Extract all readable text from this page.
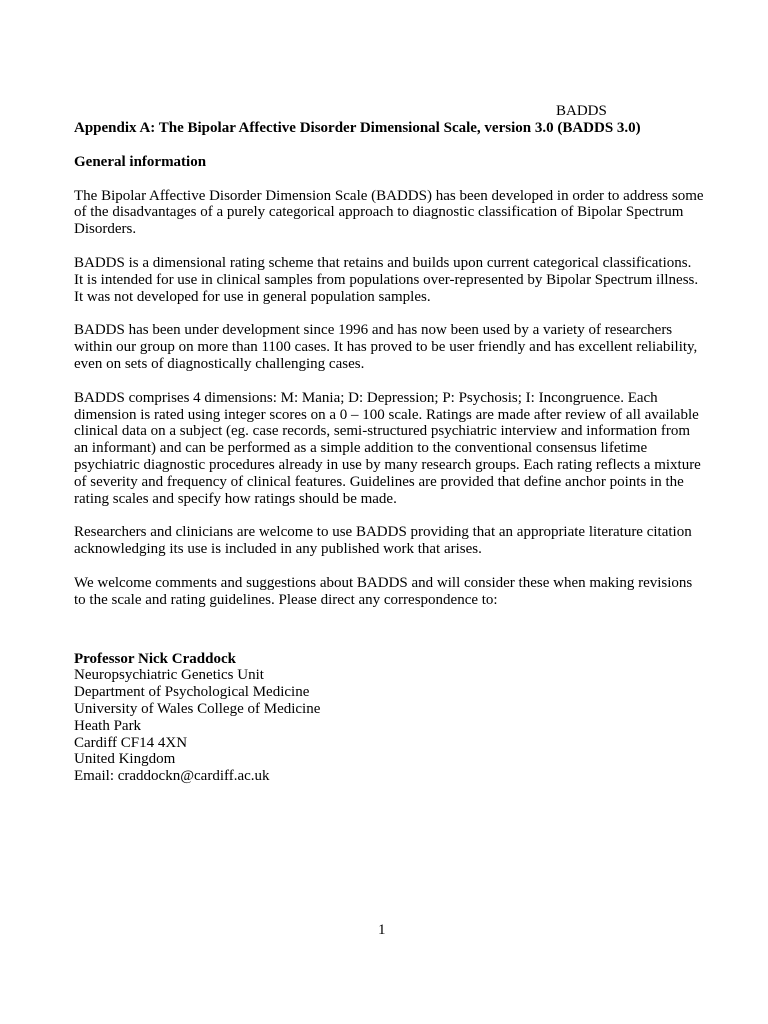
BADDS

Appendix A: The Bipolar Affective Disorder Dimensional Scale, version 3.0 (BADDS 3.0)

General information

The Bipolar Affective Disorder Dimension Scale (BADDS) has been developed in order to address some of the disadvantages of a purely categorical approach to diagnostic classification of Bipolar Spectrum Disorders.

BADDS is a dimensional rating scheme that retains and builds upon current categorical classifications. It is intended for use in clinical samples from populations over-represented by Bipolar Spectrum illness. It was not developed for use in general population samples.

BADDS has been under development since 1996 and has now been used by a variety of researchers within our group on more than 1100 cases. It has proved to be user friendly and has excellent reliability, even on sets of diagnostically challenging cases.

BADDS comprises 4 dimensions: M: Mania; D: Depression; P: Psychosis; I: Incongruence. Each dimension is rated using integer scores on a 0 – 100 scale. Ratings are made after review of all available clinical data on a subject (eg. case records, semi-structured psychiatric interview and information from an informant) and can be performed as a simple addition to the conventional consensus lifetime psychiatric diagnostic procedures already in use by many research groups. Each rating reflects a mixture of severity and frequency of clinical features. Guidelines are provided that define anchor points in the rating scales and specify how ratings should be made.

Researchers and clinicians are welcome to use BADDS providing that an appropriate literature citation acknowledging its use is included in any published work that arises.

We welcome comments and suggestions about BADDS and will consider these when making revisions to the scale and rating guidelines. Please direct any correspondence to:

Professor Nick Craddock
Neuropsychiatric Genetics Unit
Department of Psychological Medicine
University of Wales College of Medicine
Heath Park
Cardiff CF14 4XN
United Kingdom
Email: craddockn@cardiff.ac.uk

1
